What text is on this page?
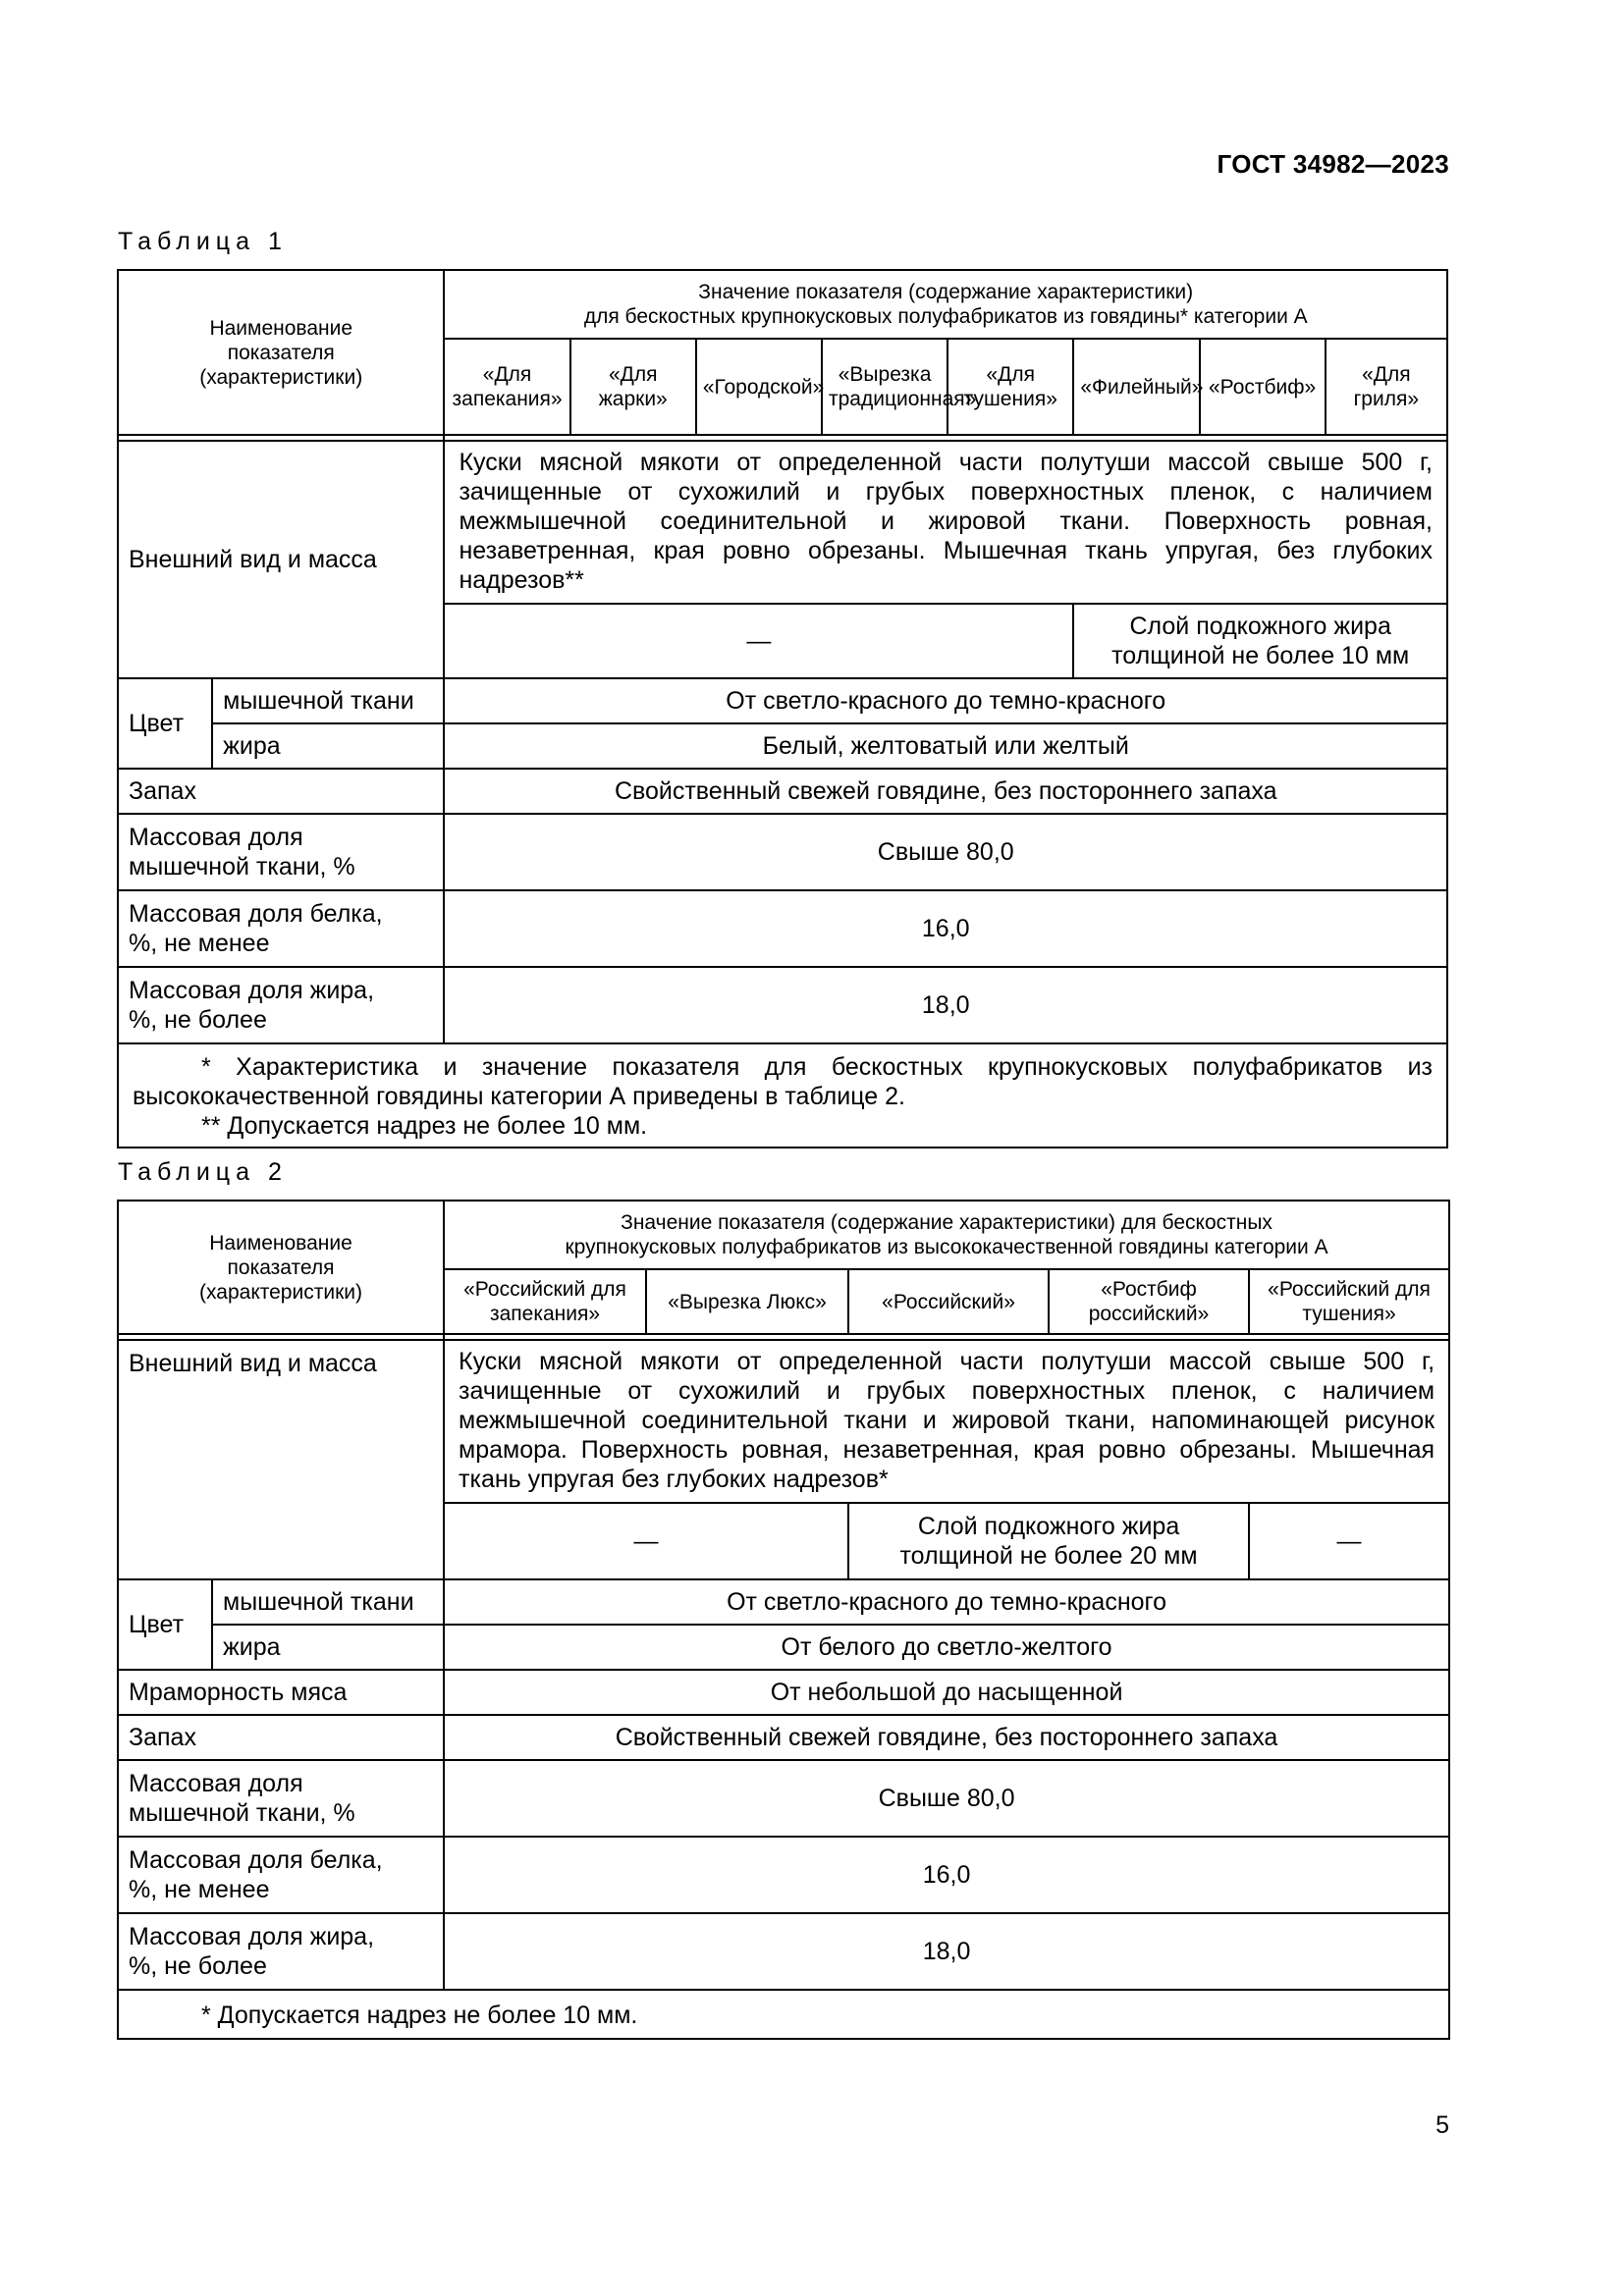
ГОСТ 34982—2023
Таблица 1
Наименование показателя (характеристики)		Значение показателя (содержание характеристики)
для бескостных крупнокусковых полуфабрикатов из говядины* категории А							

		«Для запекания»	«Для жарки»	«Городской»	«Вырезка традиционная»	«Для тушения»	«Филейный»	«Ростбиф»	«Для гриля»

Внешний вид и масса		Куски мясной мякоти от определенной части полутуши массой свыше 500 г, зачищенные от сухожилий и грубых поверхностных пленок, с наличием межмышечной соединительной и жировой ткани. Поверхность ровная, незаветренная, края ровно обрезаны. Мышечная ткань упругая, без глубоких надрезов**							
		—					Слой подкожного жира толщиной не более 10 мм		
Цвет	мышечной ткани	От светло-красного до темно-красного							
	жира	Белый, желтоватый или желтый							
Запах		Свойственный свежей говядине, без постороннего запаха							
Массовая доля мышечной ткани, %		Свыше 80,0							
Массовая доля белка, %, не менее		16,0							
Массовая доля жира, %, не более		18,0							

* Характеристика и значение показателя для бескостных крупнокусковых полуфабрикатов из высококачественной говядины категории А приведены в таблице 2.
** Допускается надрез не более 10 мм.									
Таблица 2
Наименование показателя (характеристики)		Значение показателя (содержание характеристики) для бескостных
крупнокусковых полуфабрикатов из высококачественной говядины категории А				

		«Российский для запекания»	«Вырезка Люкс»	«Российский»	«Ростбиф российский»	«Российский для тушения»

Внешний вид и масса		Куски мясной мякоти от определенной части полутуши массой свыше 500 г, зачищенные от сухожилий и грубых поверхностных пленок, с наличием межмышечной соединительной ткани и жировой ткани, напоминающей рисунок мрамора. Поверхность ровная, незаветренная, края ровно обрезаны. Мышечная ткань упругая без глубоких надрезов*				
		—		Слой подкожного жира толщиной не более 20 мм		—
Цвет	мышечной ткани	От светло-красного до темно-красного				
	жира	От белого до светло-желтого				
Мраморность мяса		От небольшой до насыщенной				
Запах		Свойственный свежей говядине, без постороннего запаха				
Массовая доля мышечной ткани, %		Свыше 80,0				
Массовая доля белка, %, не менее		16,0				
Массовая доля жира, %, не более		18,0				

* Допускается надрез не более 10 мм.						
5
